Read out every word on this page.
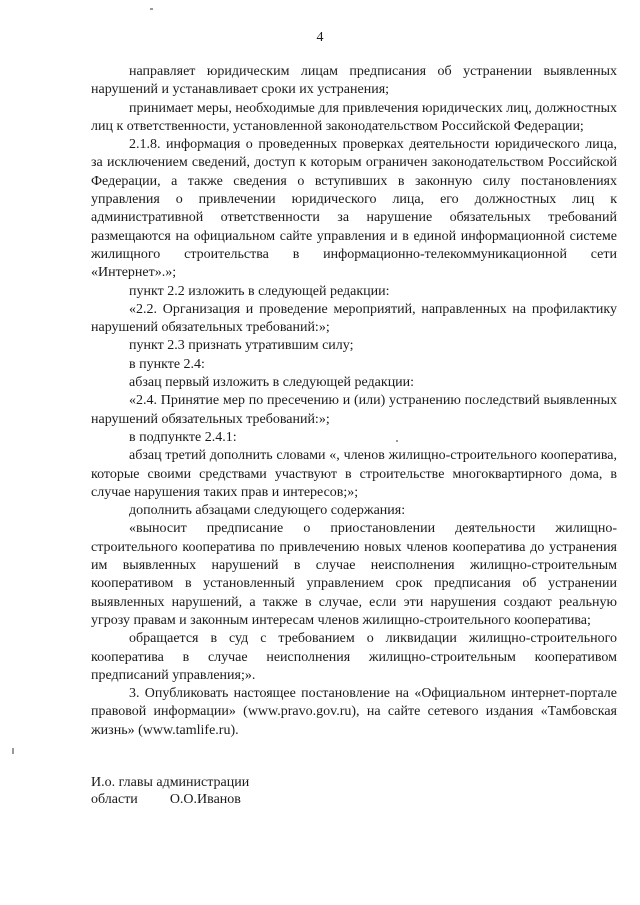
4

направляет юридическим лицам предписания об устранении выявленных нарушений и устанавливает сроки их устранения;

принимает меры, необходимые для привлечения юридических лиц, должностных лиц к ответственности, установленной законодательством Российской Федерации;

2.1.8. информация о проведенных проверках деятельности юридического лица, за исключением сведений, доступ к которым ограничен законодательством Российской Федерации, а также сведения о вступивших в законную силу постановлениях управления о привлечении юридического лица, его должностных лиц к административной ответственности за нарушение обязательных требований размещаются на официальном сайте управления и в единой информационной системе жилищного строительства в информационно-телекоммуникационной сети «Интернет».»;

пункт 2.2 изложить в следующей редакции:

«2.2. Организация и проведение мероприятий, направленных на профилактику нарушений обязательных требований:»;

пункт 2.3 признать утратившим силу;

в пункте 2.4:

абзац первый изложить в следующей редакции:

«2.4. Принятие мер по пресечению и (или) устранению последствий выявленных нарушений обязательных требований:»;

в подпункте 2.4.1:

абзац третий дополнить словами «, членов жилищно-строительного кооператива, которые своими средствами участвуют в строительстве многоквартирного дома, в случае нарушения таких прав и интересов;»;

дополнить абзацами следующего содержания:

«выносит предписание о приостановлении деятельности жилищно-строительного кооператива по привлечению новых членов кооператива до устранения им выявленных нарушений в случае неисполнения жилищно-строительным кооперативом в установленный управлением срок предписания об устранении выявленных нарушений, а также в случае, если эти нарушения создают реальную угрозу правам и законным интересам членов жилищно-строительного кооператива;

обращается в суд с требованием о ликвидации жилищно-строительного кооператива в случае неисполнения жилищно-строительным кооперативом предписаний управления;».

3. Опубликовать настоящее постановление на «Официальном интернет-портале правовой информации» (www.pravo.gov.ru), на сайте сетевого издания «Тамбовская жизнь» (www.tamlife.ru).

И.о. главы администрации
области О.О.Иванов
